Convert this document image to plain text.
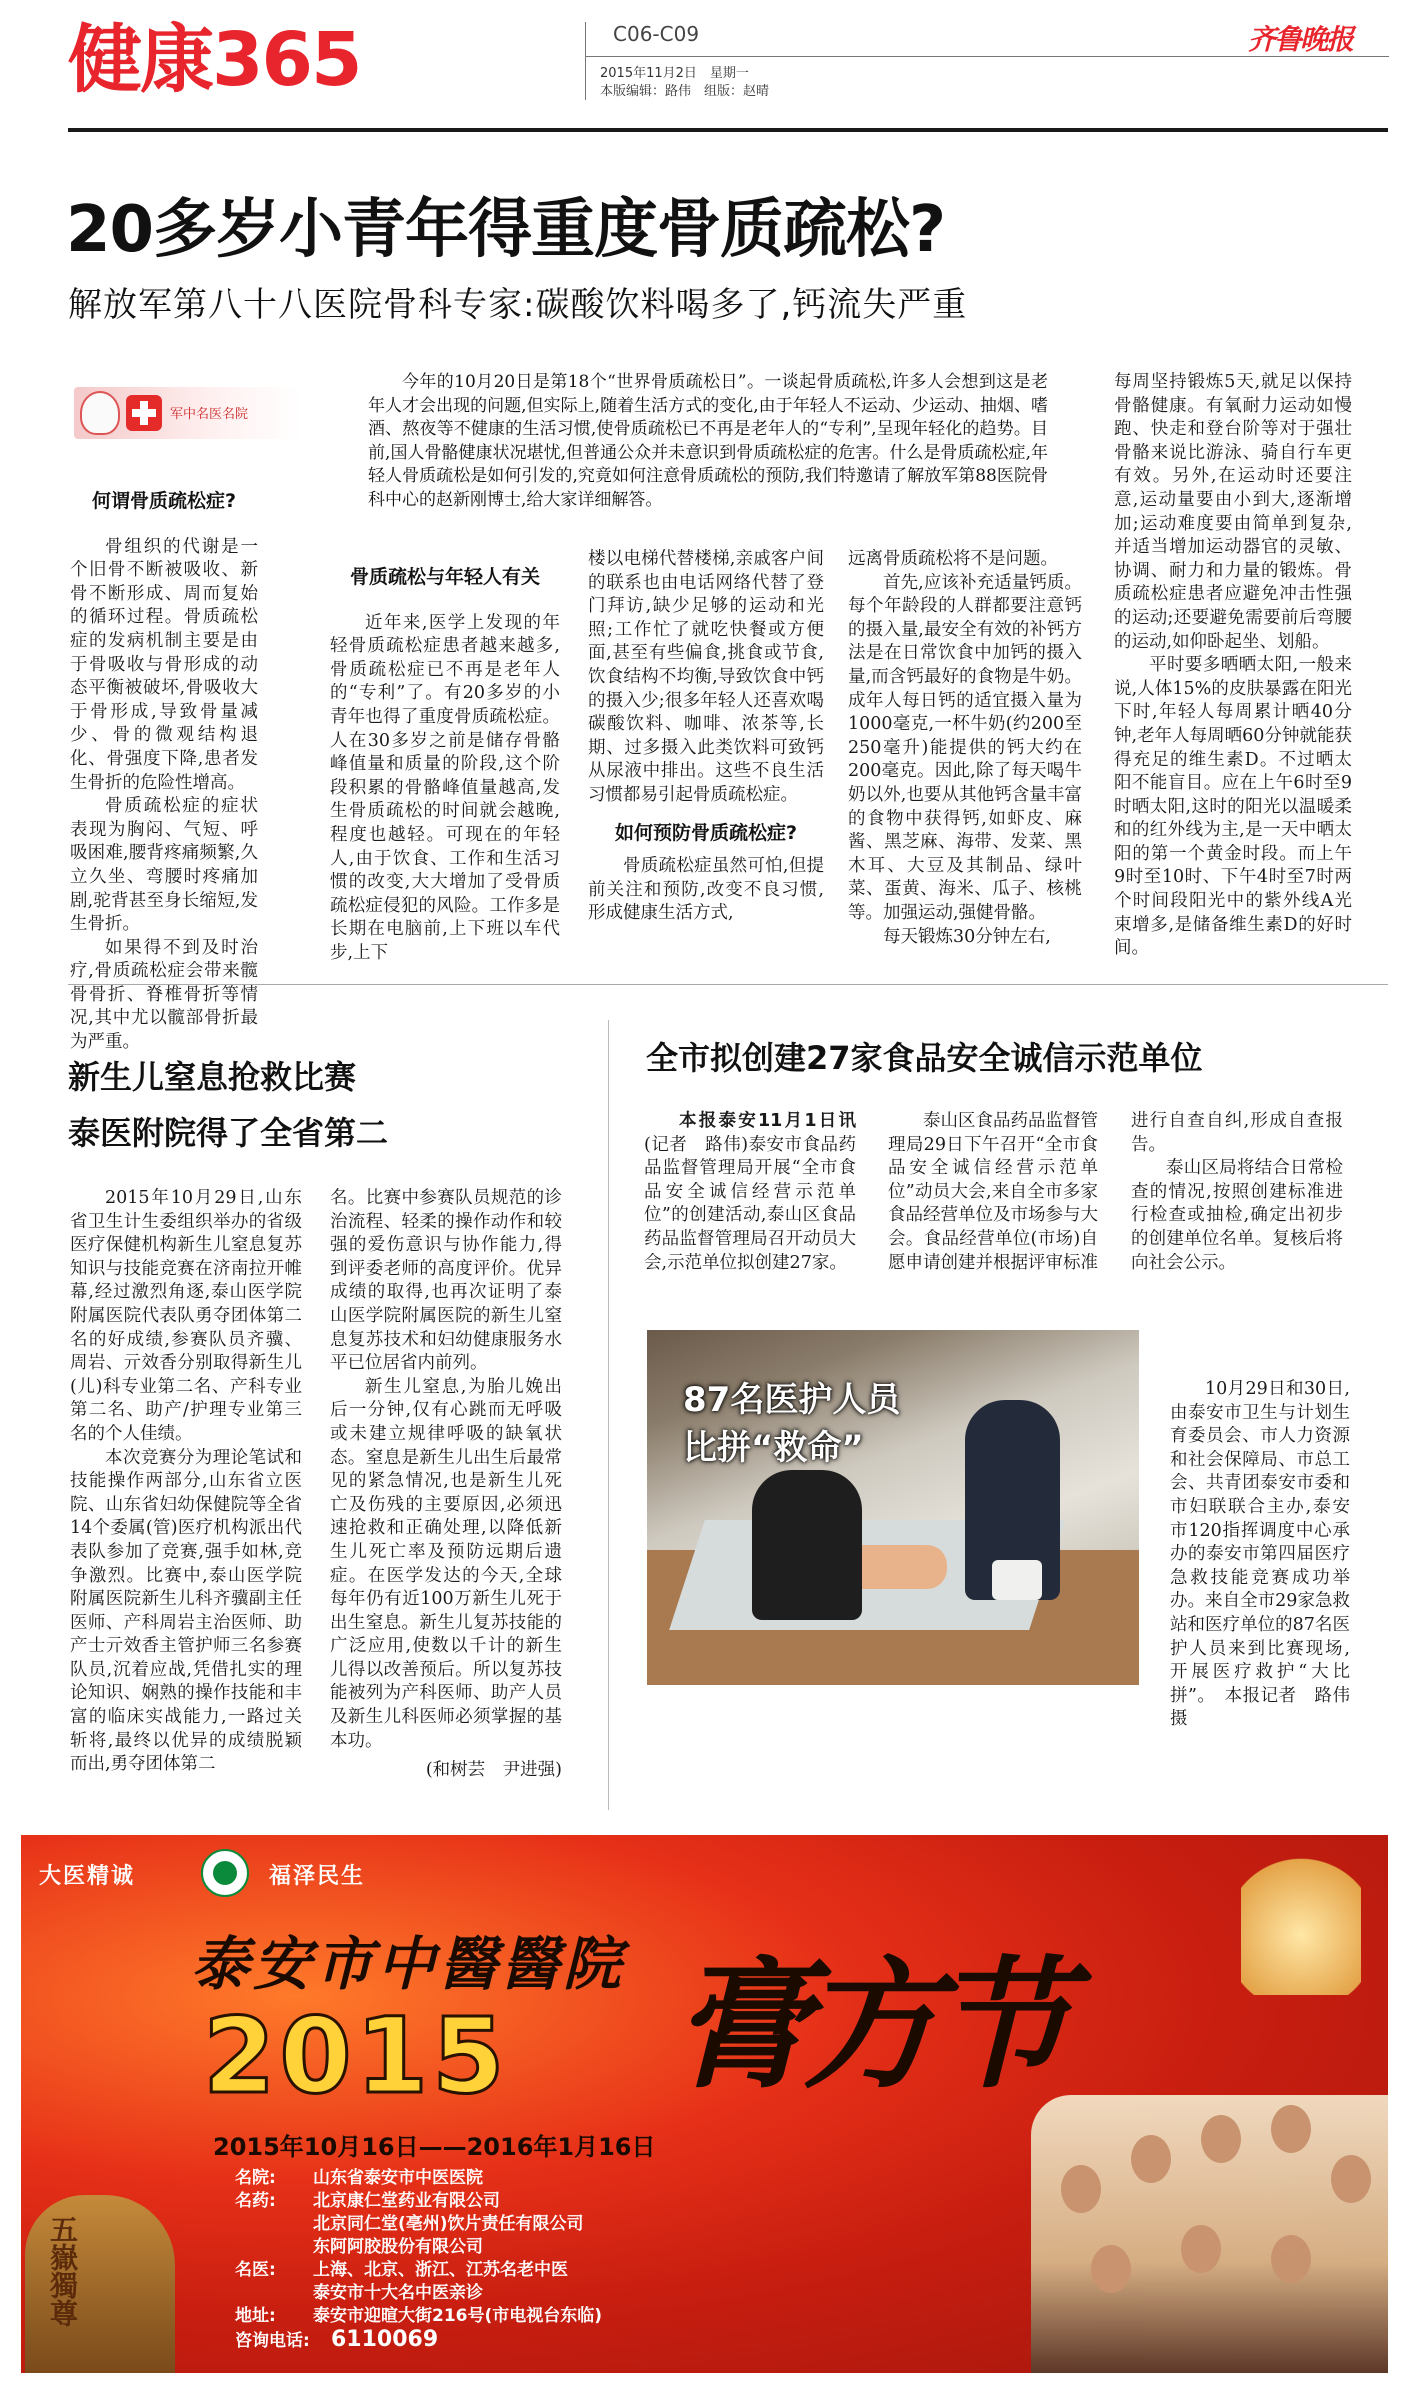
健康365	C06-C09
2015年11月2日　星期一
本版编辑：路伟　组版：赵晴
齐鲁晚报
20多岁小青年得重度骨质疏松?
解放军第八十八医院骨科专家:碳酸饮料喝多了,钙流失严重
军中名医名院
今年的10月20日是第18个“世界骨质疏松日”。一谈起骨质疏松,许多人会想到这是老年人才会出现的问题,但实际上,随着生活方式的变化,由于年轻人不运动、少运动、抽烟、嗜酒、熬夜等不健康的生活习惯,使骨质疏松已不再是老年人的“专利”,呈现年轻化的趋势。目前,国人骨骼健康状况堪忧,但普通公众并未意识到骨质疏松症的危害。什么是骨质疏松症,年轻人骨质疏松是如何引发的,究竟如何注意骨质疏松的预防,我们特邀请了解放军第88医院骨科中心的赵新刚博士,给大家详细解答。

何谓骨质疏松症?

骨组织的代谢是一个旧骨不断被吸收、新骨不断形成、周而复始的循环过程。骨质疏松症的发病机制主要是由于骨吸收与骨形成的动态平衡被破坏,骨吸收大于骨形成,导致骨量减少、骨的微观结构退化、骨强度下降,患者发生骨折的危险性增高。

骨质疏松症的症状表现为胸闷、气短、呼吸困难,腰背疼痛频繁,久立久坐、弯腰时疼痛加剧,驼背甚至身长缩短,发生骨折。

如果得不到及时治疗,骨质疏松症会带来髋骨骨折、脊椎骨折等情况,其中尤以髋部骨折最为严重。

骨质疏松与年轻人有关

近年来,医学上发现的年轻骨质疏松症患者越来越多,骨质疏松症已不再是老年人的“专利”了。有20多岁的小青年也得了重度骨质疏松症。人在30多岁之前是储存骨骼峰值量和质量的阶段,这个阶段积累的骨骼峰值量越高,发生骨质疏松的时间就会越晚,程度也越轻。可现在的年轻人,由于饮食、工作和生活习惯的改变,大大增加了受骨质疏松症侵犯的风险。工作多是长期在电脑前,上下班以车代步,上下

楼以电梯代替楼梯,亲戚客户间的联系也由电话网络代替了登门拜访,缺少足够的运动和光照;工作忙了就吃快餐或方便面,甚至有些偏食,挑食或节食,饮食结构不均衡,导致饮食中钙的摄入少;很多年轻人还喜欢喝碳酸饮料、咖啡、浓茶等,长期、过多摄入此类饮料可致钙从尿液中排出。这些不良生活习惯都易引起骨质疏松症。

如何预防骨质疏松症?

骨质疏松症虽然可怕,但提前关注和预防,改变不良习惯,形成健康生活方式,

远离骨质疏松将不是问题。

首先,应该补充适量钙质。每个年龄段的人群都要注意钙的摄入量,最安全有效的补钙方法是在日常饮食中加钙的摄入量,而含钙最好的食物是牛奶。成年人每日钙的适宜摄入量为1000毫克,一杯牛奶(约200至250毫升)能提供的钙大约在200毫克。因此,除了每天喝牛奶以外,也要从其他钙含量丰富的食物中获得钙,如虾皮、麻酱、黑芝麻、海带、发菜、黑木耳、大豆及其制品、绿叶菜、蛋黄、海米、瓜子、核桃等。加强运动,强健骨骼。

每天锻炼30分钟左右,

每周坚持锻炼5天,就足以保持骨骼健康。有氧耐力运动如慢跑、快走和登台阶等对于强壮骨骼来说比游泳、骑自行车更有效。另外,在运动时还要注意,运动量要由小到大,逐渐增加;运动难度要由简单到复杂,并适当增加运动器官的灵敏、协调、耐力和力量的锻炼。骨质疏松症患者应避免冲击性强的运动;还要避免需要前后弯腰的运动,如仰卧起坐、划船。

平时要多晒晒太阳,一般来说,人体15%的皮肤暴露在阳光下时,年轻人每周累计晒40分钟,老年人每周晒60分钟就能获得充足的维生素D。不过晒太阳不能盲目。应在上午6时至9时晒太阳,这时的阳光以温暖柔和的红外线为主,是一天中晒太阳的第一个黄金时段。而上午9时至10时、下午4时至7时两个时间段阳光中的紫外线A光束增多,是储备维生素D的好时间。

新生儿窒息抢救比赛
泰医附院得了全省第二

2015年10月29日,山东省卫生计生委组织举办的省级医疗保健机构新生儿窒息复苏知识与技能竞赛在济南拉开帷幕,经过激烈角逐,泰山医学院附属医院代表队勇夺团体第二名的好成绩,参赛队员齐骥、周岩、亓效香分别取得新生儿(儿)科专业第二名、产科专业第二名、助产/护理专业第三名的个人佳绩。

本次竞赛分为理论笔试和技能操作两部分,山东省立医院、山东省妇幼保健院等全省14个委属(管)医疗机构派出代表队参加了竞赛,强手如林,竞争激烈。比赛中,泰山医学院附属医院新生儿科齐骥副主任医师、产科周岩主治医师、助产士亓效香主管护师三名参赛队员,沉着应战,凭借扎实的理论知识、娴熟的操作技能和丰富的临床实战能力,一路过关斩将,最终以优异的成绩脱颖而出,勇夺团体第二

名。比赛中参赛队员规范的诊治流程、轻柔的操作动作和较强的爱伤意识与协作能力,得到评委老师的高度评价。优异成绩的取得,也再次证明了泰山医学院附属医院的新生儿窒息复苏技术和妇幼健康服务水平已位居省内前列。

新生儿窒息,为胎儿娩出后一分钟,仅有心跳而无呼吸或未建立规律呼吸的缺氧状态。窒息是新生儿出生后最常见的紧急情况,也是新生儿死亡及伤残的主要原因,必须迅速抢救和正确处理,以降低新生儿死亡率及预防远期后遗症。在医学发达的今天,全球每年仍有近100万新生儿死于出生窒息。新生儿复苏技能的广泛应用,使数以千计的新生儿得以改善预后。所以复苏技能被列为产科医师、助产人员及新生儿科医师必须掌握的基本功。

(和树芸　尹进强)

全市拟创建27家食品安全诚信示范单位

本报泰安11月1日讯(记者　路伟)泰安市食品药品监督管理局开展“全市食品安全诚信经营示范单位”的创建活动,泰山区食品药品监督管理局召开动员大会,示范单位拟创建27家。

泰山区食品药品监督管理局29日下午召开“全市食品安全诚信经营示范单位”动员大会,来自全市多家食品经营单位及市场参与大会。食品经营单位(市场)自愿申请创建并根据评审标准

进行自查自纠,形成自查报告。

泰山区局将结合日常检查的情况,按照创建标准进行检查或抽检,确定出初步的创建单位名单。复核后将向社会公示。

87名医护人员
比拼“救命”
10月29日和30日,由泰安市卫生与计划生育委员会、市人力资源和社会保障局、市总工会、共青团泰安市委和市妇联联合主办,泰安市120指挥调度中心承办的泰安市第四届医疗急救技能竞赛成功举办。来自全市29家急救站和医疗单位的87名医护人员来到比赛现场,开展医疗救护“大比拼”。　本报记者　路伟　摄
大医精诚	福泽民生
泰安市中醫醫院
2015 膏方节
2015年10月16日——2016年1月16日
名院:	山东省泰安市中医医院
名药:	北京康仁堂药业有限公司
北京同仁堂(亳州)饮片责任有限公司
东阿阿胶股份有限公司
名医:	上海、北京、浙江、江苏名老中医
泰安市十大名中医亲诊
地址:	泰安市迎暄大街216号(市电视台东临)
咨询电话: 6110069
五嶽獨尊
